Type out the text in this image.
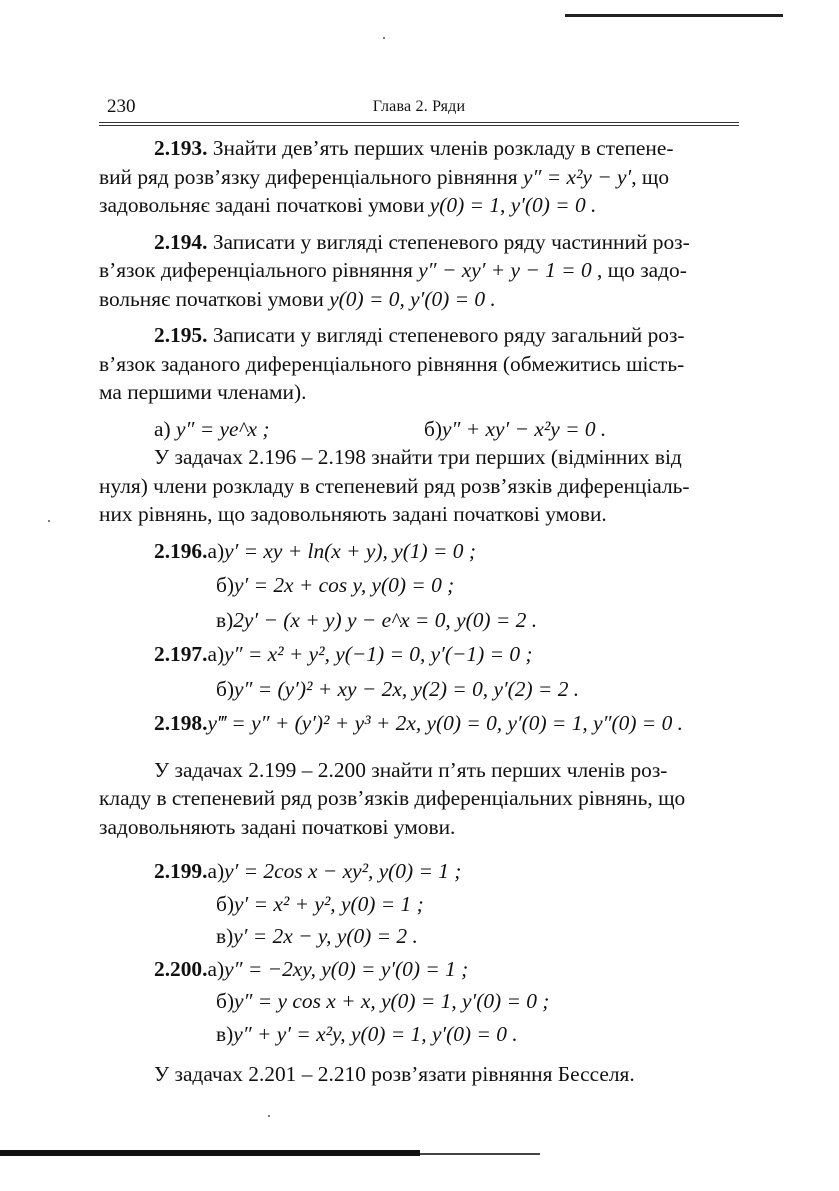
230	Глава 2. Ряди

2.193. Знайти дев’ять перших членів розкладу в степене-
вий ряд розв’язку диференціального рівняння y″ = x²y − y′, що
задовольняє задані початкові умови y(0) = 1, y′(0) = 0 .

2.194. Записати у вигляді степеневого ряду частинний роз-
в’язок диференціального рівняння y″ − xy′ + y − 1 = 0 , що задо-
вольняє початкові умови y(0) = 0, y′(0) = 0 .

2.195. Записати у вигляді степеневого ряду загальний роз-
в’язок заданого диференціального рівняння (обмежитись шість-
ма першими членами).

а) y″ = ye^x ;	б) y″ + xy′ − x²y = 0 .

У задачах 2.196 – 2.198 знайти три перших (відмінних від
нуля) члени розкладу в степеневий ряд розв’язків диференціаль-
них рівнянь, що задовольняють задані початкові умови.

2.196. а) y′ = xy + ln(x + y), y(1) = 0 ;

б) y′ = 2x + cos y, y(0) = 0 ;

в) 2y′ − (x + y) y − e^x = 0, y(0) = 2 .

2.197. а) y″ = x² + y², y(−1) = 0, y′(−1) = 0 ;

б) y″ = (y′)² + xy − 2x, y(2) = 0, y′(2) = 2 .

2.198. y‴ = y″ + (y′)² + y³ + 2x, y(0) = 0, y′(0) = 1, y″(0) = 0 .

У задачах 2.199 – 2.200 знайти п’ять перших членів роз-
кладу в степеневий ряд розв’язків диференціальних рівнянь, що
задовольняють задані початкові умови.

2.199. а) y′ = 2cos x − xy², y(0) = 1 ;

б) y′ = x² + y², y(0) = 1 ;

в) y′ = 2x − y, y(0) = 2 .

2.200. а) y″ = −2xy, y(0) = y′(0) = 1 ;

б) y″ = y cos x + x, y(0) = 1, y′(0) = 0 ;

в) y″ + y′ = x²y, y(0) = 1, y′(0) = 0 .

У задачах 2.201 – 2.210 розв’язати рівняння Бесселя.
